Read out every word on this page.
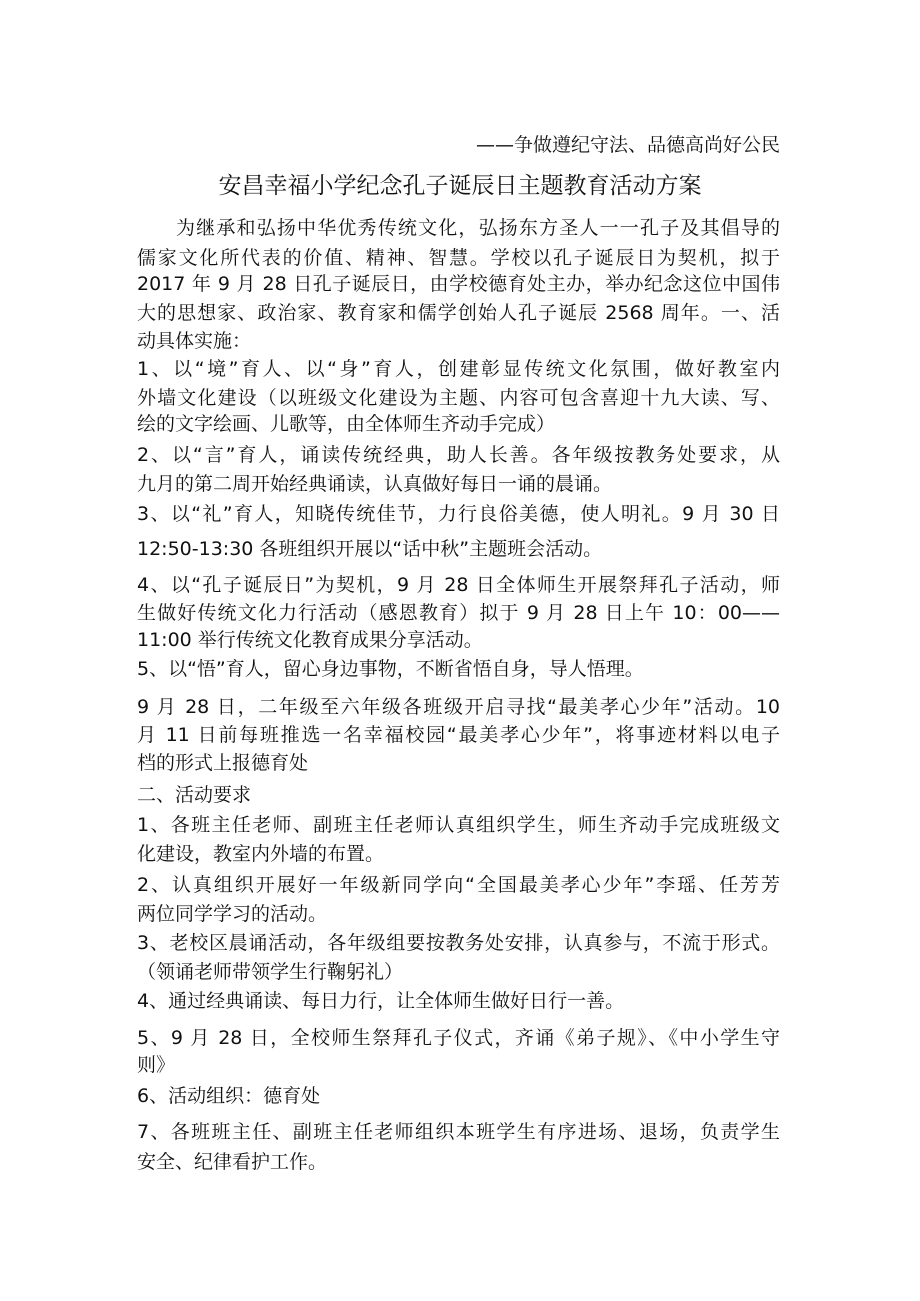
——争做遵纪守法、品德高尚好公民
安昌幸福小学纪念孔子诞辰日主题教育活动方案
为继承和弘扬中华优秀传统文化，弘扬东方圣人一一孔子及其倡导的
儒家文化所代表的价值、精神、智慧。学校以孔子诞辰日为契机，拟于
2017 年 9 月 28 日孔子诞辰日，由学校德育处主办，举办纪念这位中国伟
大的思想家、政治家、教育家和儒学创始人孔子诞辰 2568 周年。一、活
动具体实施：
1、以“境”育人、以“身”育人，创建彰显传统文化氛围，做好教室内
外墙文化建设（以班级文化建设为主题、内容可包含喜迎十九大读、写、
绘的文字绘画、儿歌等，由全体师生齐动手完成）
2、以“言”育人，诵读传统经典，助人长善。各年级按教务处要求，从
九月的第二周开始经典诵读，认真做好每日一诵的晨诵。
3、以“礼”育人，知晓传统佳节，力行良俗美德，使人明礼。9 月 30 日
12:50-13:30 各班组织开展以“话中秋”主题班会活动。
4、以“孔子诞辰日”为契机，9 月 28 日全体师生开展祭拜孔子活动，师
生做好传统文化力行活动（感恩教育）拟于 9 月 28 日上午 10：00——
11:00 举行传统文化教育成果分享活动。
5、以“悟”育人，留心身边事物，不断省悟自身，导人悟理。
9 月 28 日，二年级至六年级各班级开启寻找“最美孝心少年”活动。10
月 11 日前每班推选一名幸福校园“最美孝心少年”，将事迹材料以电子
档的形式上报德育处
二、活动要求
1、各班主任老师、副班主任老师认真组织学生，师生齐动手完成班级文
化建设，教室内外墙的布置。
2、认真组织开展好一年级新同学向“全国最美孝心少年”李瑶、任芳芳
两位同学学习的活动。
3、老校区晨诵活动，各年级组要按教务处安排，认真参与，不流于形式。
（领诵老师带领学生行鞠躬礼）
4、通过经典诵读、每日力行，让全体师生做好日行一善。
5、9 月 28 日，全校师生祭拜孔子仪式，齐诵《弟子规》、《中小学生守
则》
6、活动组织：德育处
7、各班班主任、副班主任老师组织本班学生有序进场、退场，负责学生
安全、纪律看护工作。
